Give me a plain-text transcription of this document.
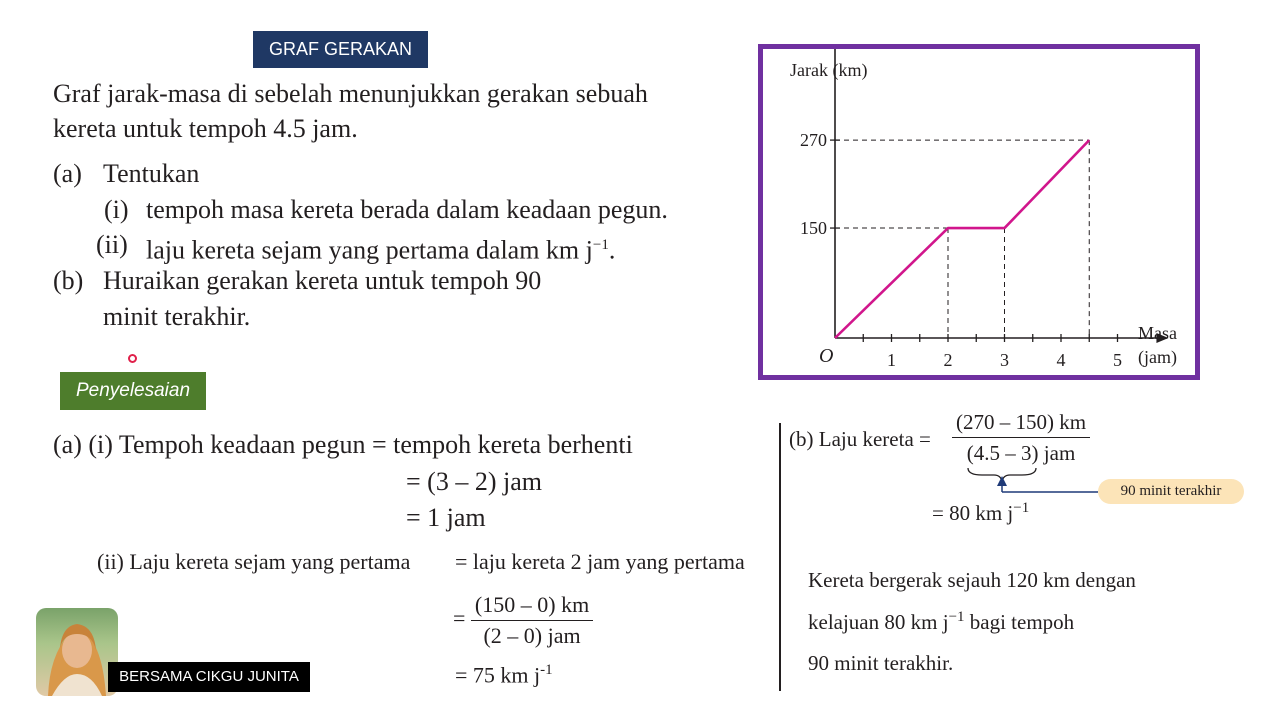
GRAF GERAKAN
Graf jarak-masa di sebelah menunjukkan gerakan sebuah
kereta untuk tempoh 4.5 jam.
(a) Tentukan
(i) tempoh masa kereta berada dalam keadaan pegun.
(ii) laju kereta sejam yang pertama dalam km $j^{-1}$.
(b) Huraikan gerakan kereta untuk tempoh 90
minit terakhir.
Penyelesaian
(a) (i) Tempoh keadaan pegun = tempoh kereta berhenti
= (3 – 2) jam
= 1 jam
(ii) Laju kereta sejam yang pertama = laju kereta 2 jam yang pertama
= $\frac{(150 - 0) km}{\text{(2 – 0) jam}}$
= 75 km $j^{-1}$
(b) Laju kereta = $\frac{(270 - 150) km}{\text{(4.5 – 3) jam}}$
90 minit terakhir
= 80 km $j^{-1}$
Kereta bergerak sejauh 120 km dengan
kelajuan 80 km $j^{-1}$ bagi tempoh
90 minit terakhir.
1	2	3	4	5
150
270
Jarak (km)
Masa
(jam)
O
BERSAMA CIKGU JUNITA
